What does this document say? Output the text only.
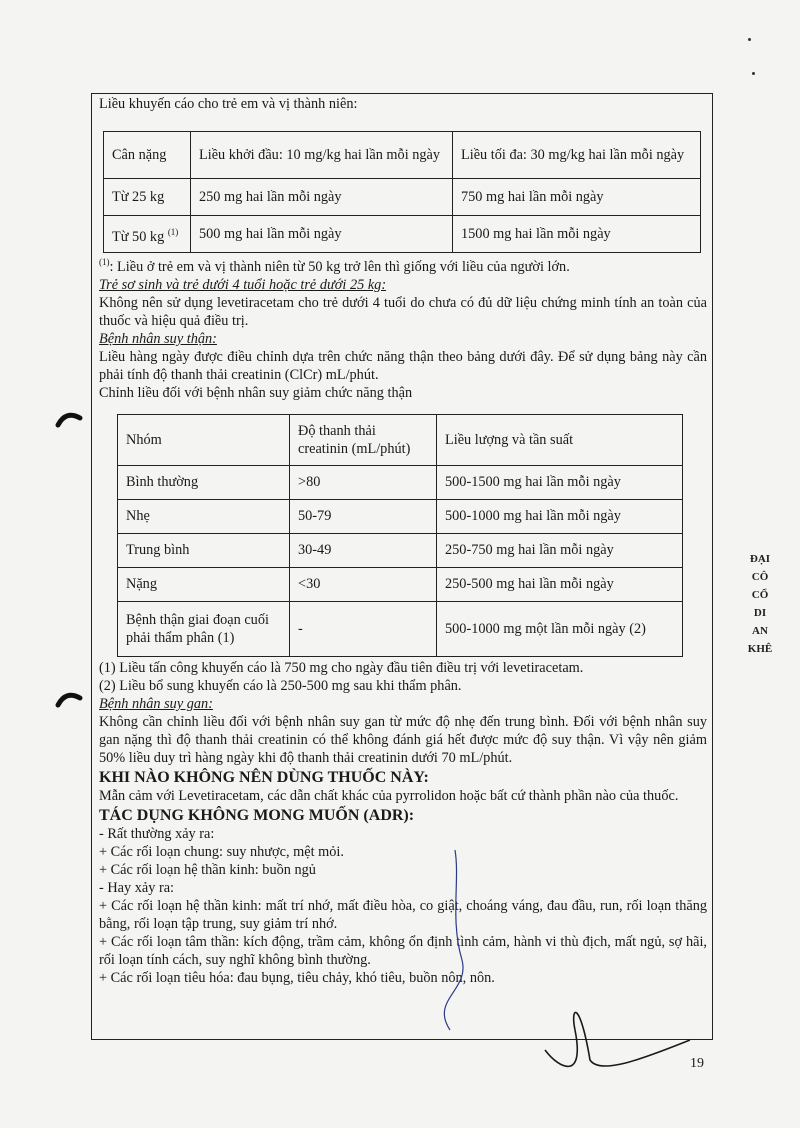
Liều khuyến cáo cho trẻ em và vị thành niên:

Cân nặng	Liều khởi đầu: 10 mg/kg hai lần mỗi ngày	Liều tối đa: 30 mg/kg hai lần mỗi ngày
Từ 25 kg	250 mg hai lần mỗi ngày	750 mg hai lần mỗi ngày
Từ 50 kg $^{(1)}$	500 mg hai lần mỗi ngày	1500 mg hai lần mỗi ngày

$^{(1)}$: Liều ở trẻ em và vị thành niên từ 50 kg trở lên thì giống với liều của người lớn.

Trẻ sơ sinh và trẻ dưới 4 tuổi hoặc trẻ dưới 25 kg:

Không nên sử dụng levetiracetam cho trẻ dưới 4 tuổi do chưa có đủ dữ liệu chứng minh tính an toàn của thuốc và hiệu quả điều trị.

Bệnh nhân suy thận:

Liều hàng ngày được điều chỉnh dựa trên chức năng thận theo bảng dưới đây. Để sử dụng bảng này cần phải tính độ thanh thải creatinin (ClCr) mL/phút.

Chỉnh liều đối với bệnh nhân suy giảm chức năng thận

Nhóm	Độ thanh thải creatinin (mL/phút)	Liều lượng và tần suất
Bình thường	>80	500-1500 mg hai lần mỗi ngày
Nhẹ	50-79	500-1000 mg hai lần mỗi ngày
Trung bình	30-49	250-750 mg hai lần mỗi ngày
Nặng	<30	250-500 mg hai lần mỗi ngày
Bệnh thận giai đoạn cuối phải thẩm phân (1)	-	500-1000 mg một lần mỗi ngày (2)

(1) Liều tấn công khuyến cáo là 750 mg cho ngày đầu tiên điều trị với levetiracetam.

(2) Liều bổ sung khuyến cáo là 250-500 mg sau khi thẩm phân.

Bệnh nhân suy gan:

Không cần chỉnh liều đối với bệnh nhân suy gan từ mức độ nhẹ đến trung bình. Đối với bệnh nhân suy gan nặng thì độ thanh thải creatinin có thể không đánh giá hết được mức độ suy thận. Vì vậy nên giảm 50% liều duy trì hàng ngày khi độ thanh thải creatinin dưới 70 mL/phút.

KHI NÀO KHÔNG NÊN DÙNG THUỐC NÀY:

Mẫn cảm với Levetiracetam, các dẫn chất khác của pyrrolidon hoặc bất cứ thành phần nào của thuốc.

TÁC DỤNG KHÔNG MONG MUỐN (ADR):

- Rất thường xảy ra:

+ Các rối loạn chung: suy nhược, mệt mỏi.

+ Các rối loạn hệ thần kinh: buồn ngủ

- Hay xảy ra:

+ Các rối loạn hệ thần kinh: mất trí nhớ, mất điều hòa, co giật, choáng váng, đau đầu, run, rối loạn thăng bằng, rối loạn tập trung, suy giảm trí nhớ.

+ Các rối loạn tâm thần: kích động, trầm cảm, không ổn định tình cảm, hành vi thù địch, mất ngủ, sợ hãi, rối loạn tính cách, suy nghĩ không bình thường.

+ Các rối loạn tiêu hóa: đau bụng, tiêu chảy, khó tiêu, buồn nôn, nôn.

19
ĐẠI
CÔ
CỔ
DI
AN
KHÊ
